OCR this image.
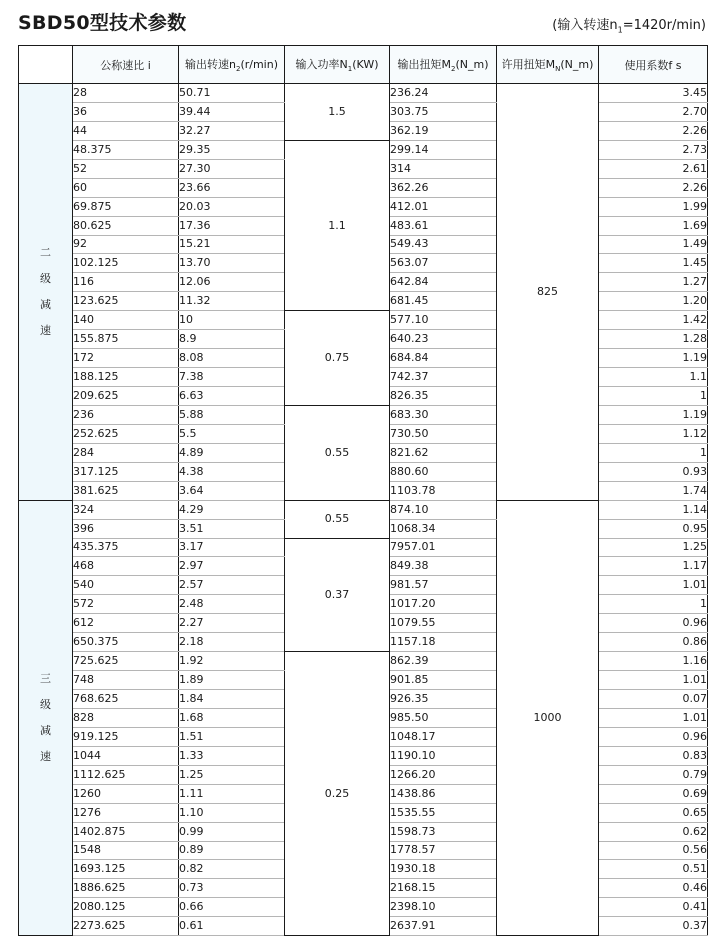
SBD50型技术参数	(输入转速$n_1=1420r/\min$)
	公称速比 i	输出转速$n_2(r/\min)$	输入功率$N_1(KW)$	输出扭矩$M_2(N\_m)$	许用扭矩$M_N(N\_m)$	使用系数f s

二
级
减
速	28	50.71	1.5	236.24	825	3.45
	36	39.44		303.75		2.70
	44	32.27		362.19		2.26
	48.375	29.35	1.1	299.14		2.73
	52	27.30		314		2.61
	60	23.66		362.26		2.26
	69.875	20.03		412.01		1.99
	80.625	17.36		483.61		1.69
	92	15.21		549.43		1.49
	102.125	13.70		563.07		1.45
	116	12.06		642.84		1.27
	123.625	11.32		681.45		1.20
	140	10	0.75	577.10		1.42
	155.875	8.9		640.23		1.28
	172	8.08		684.84		1.19
	188.125	7.38		742.37		1.1
	209.625	6.63		826.35		1
	236	5.88	0.55	683.30		1.19
	252.625	5.5		730.50		1.12
	284	4.89		821.62		1
	317.125	4.38		880.60		0.93
	381.625	3.64		1103.78		1.74

三
级
减
速	324	4.29	0.55	874.10	1000	1.14
	396	3.51		1068.34		0.95
	435.375	3.17	0.37	7957.01		1.25
	468	2.97		849.38		1.17
	540	2.57		981.57		1.01
	572	2.48		1017.20		1
	612	2.27		1079.55		0.96
	650.375	2.18		1157.18		0.86
	725.625	1.92	0.25	862.39		1.16
	748	1.89		901.85		1.01
	768.625	1.84		926.35		0.07
	828	1.68		985.50		1.01
	919.125	1.51		1048.17		0.96
	1044	1.33		1190.10		0.83
	1112.625	1.25		1266.20		0.79
	1260	1.11		1438.86		0.69
	1276	1.10		1535.55		0.65
	1402.875	0.99		1598.73		0.62
	1548	0.89		1778.57		0.56
	1693.125	0.82		1930.18		0.51
	1886.625	0.73		2168.15		0.46
	2080.125	0.66		2398.10		0.41
	2273.625	0.61		2637.91		0.37
